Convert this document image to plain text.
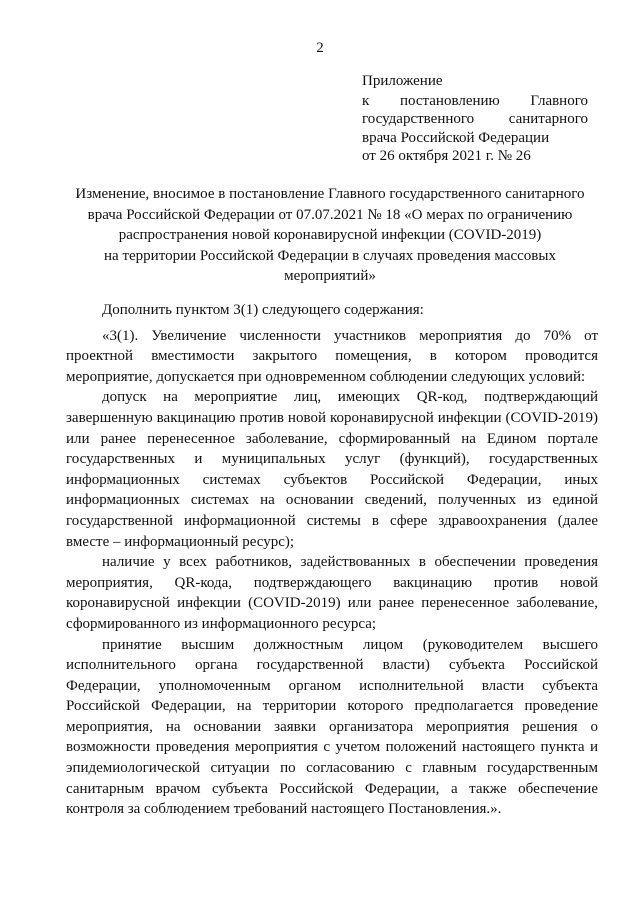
2
Приложение
к постановлению Главного государственного санитарного врача Российской Федерации
от 26 октября 2021 г. № 26
Изменение, вносимое в постановление Главного государственного санитарного
врача Российской Федерации от 07.07.2021 № 18 «О мерах по ограничению
распространения новой коронавирусной инфекции (COVID-2019)
на территории Российской Федерации в случаях проведения массовых
мероприятий»

Дополнить пунктом 3(1) следующего содержания:

«3(1). Увеличение численности участников мероприятия до 70% от проектной вместимости закрытого помещения, в котором проводится мероприятие, допускается при одновременном соблюдении следующих условий:

допуск на мероприятие лиц, имеющих QR-код, подтверждающий завершенную вакцинацию против новой коронавирусной инфекции (COVID-2019) или ранее перенесенное заболевание, сформированный на Едином портале государственных и муниципальных услуг (функций), государственных информационных системах субъектов Российской Федерации, иных информационных системах на основании сведений, полученных из единой государственной информационной системы в сфере здравоохранения (далее вместе – информационный ресурс);

наличие у всех работников, задействованных в обеспечении проведения мероприятия, QR-кода, подтверждающего вакцинацию против новой коронавирусной инфекции (COVID-2019) или ранее перенесенное заболевание, сформированного из информационного ресурса;

принятие высшим должностным лицом (руководителем высшего исполнительного органа государственной власти) субъекта Российской Федерации, уполномоченным органом исполнительной власти субъекта Российской Федерации, на территории которого предполагается проведение мероприятия, на основании заявки организатора мероприятия решения о возможности проведения мероприятия с учетом положений настоящего пункта и эпидемиологической ситуации по согласованию с главным государственным санитарным врачом субъекта Российской Федерации, а также обеспечение контроля за соблюдением требований настоящего Постановления.».
